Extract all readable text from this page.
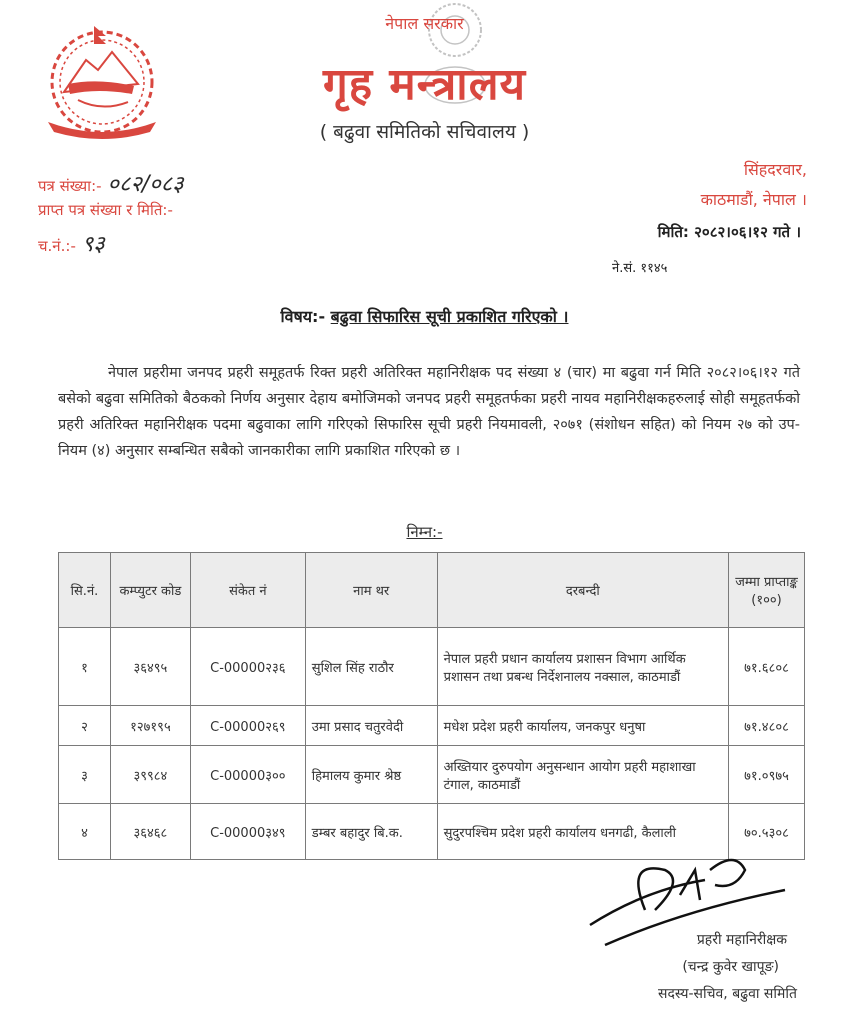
नेपाल सरकार
गृह मन्त्रालय
( बढुवा समितिको सचिवालय )
पत्र संख्या:- ०८२/०८३
प्राप्त पत्र संख्या र मिति:-
च.नं.:- ९३
सिंहदरवार,
काठमाडौं, नेपाल ।
मिति: २०८२।०६।१२ गते ।
ने.सं. ११४५
विषय:- बढुवा सिफारिस सूची प्रकाशित गरिएको ।
नेपाल प्रहरीमा जनपद प्रहरी समूहतर्फ रिक्त प्रहरी अतिरिक्त महानिरीक्षक पद संख्या ४ (चार) मा बढुवा गर्न मिति २०८२।०६।१२ गते बसेको बढुवा समितिको बैठकको निर्णय अनुसार देहाय बमोजिमको जनपद प्रहरी समूहतर्फका प्रहरी नायव महानिरीक्षकहरुलाई सोही समूहतर्फको प्रहरी अतिरिक्त महानिरीक्षक पदमा बढुवाका लागि गरिएको सिफारिस सूची प्रहरी नियमावली, २०७१ (संशोधन सहित) को नियम २७ को उप-नियम (४) अनुसार सम्बन्धित सबैको जानकारीका लागि प्रकाशित गरिएको छ ।
निम्न:-
सि.नं.	कम्प्युटर कोड	संकेत नं	नाम थर	दरबन्दी	जम्मा प्राप्ताङ्क (१००)
१	३६४९५	C-00000२३६	सुशिल सिंह राठौर	नेपाल प्रहरी प्रधान कार्यालय प्रशासन विभाग आर्थिक प्रशासन तथा प्रबन्ध निर्देशनालय नक्साल, काठमाडौं	७१.६८०८
२	१२७१९५	C-00000२६९	उमा प्रसाद चतुरवेदी	मधेश प्रदेश प्रहरी कार्यालय, जनकपुर धनुषा	७१.४८०८
३	३९९८४	C-00000३००	हिमालय कुमार श्रेष्ठ	अख्तियार दुरुपयोग अनुसन्धान आयोग प्रहरी महाशाखा टंगाल, काठमाडौं	७१.०९७५
४	३६४६८	C-00000३४९	डम्बर बहादुर बि.क.	सुदुरपश्चिम प्रदेश प्रहरी कार्यालय धनगढी, कैलाली	७०.५३०८
प्रहरी महानिरीक्षक
(चन्द्र कुवेर खापूङ)
सदस्य-सचिव, बढुवा समिति
